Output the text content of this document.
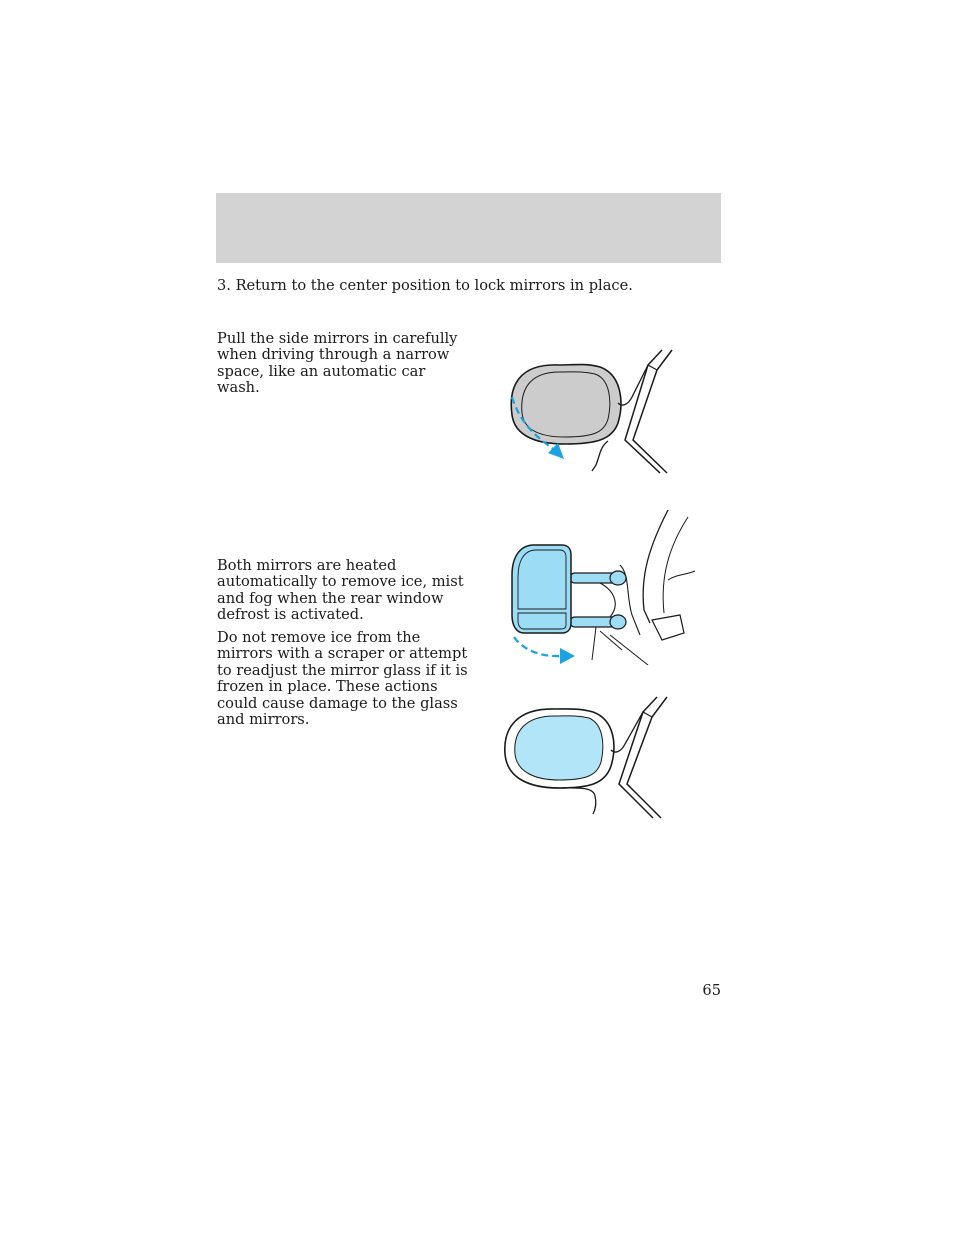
3. Return to the center position to lock mirrors in place.
Pull the side mirrors in carefully when driving through a narrow space, like an automatic car wash.
Both mirrors are heated automatically to remove ice, mist and fog when the rear window defrost is activated.
Do not remove ice from the mirrors with a scraper or attempt to readjust the mirror glass if it is frozen in place. These actions could cause damage to the glass and mirrors.
65
